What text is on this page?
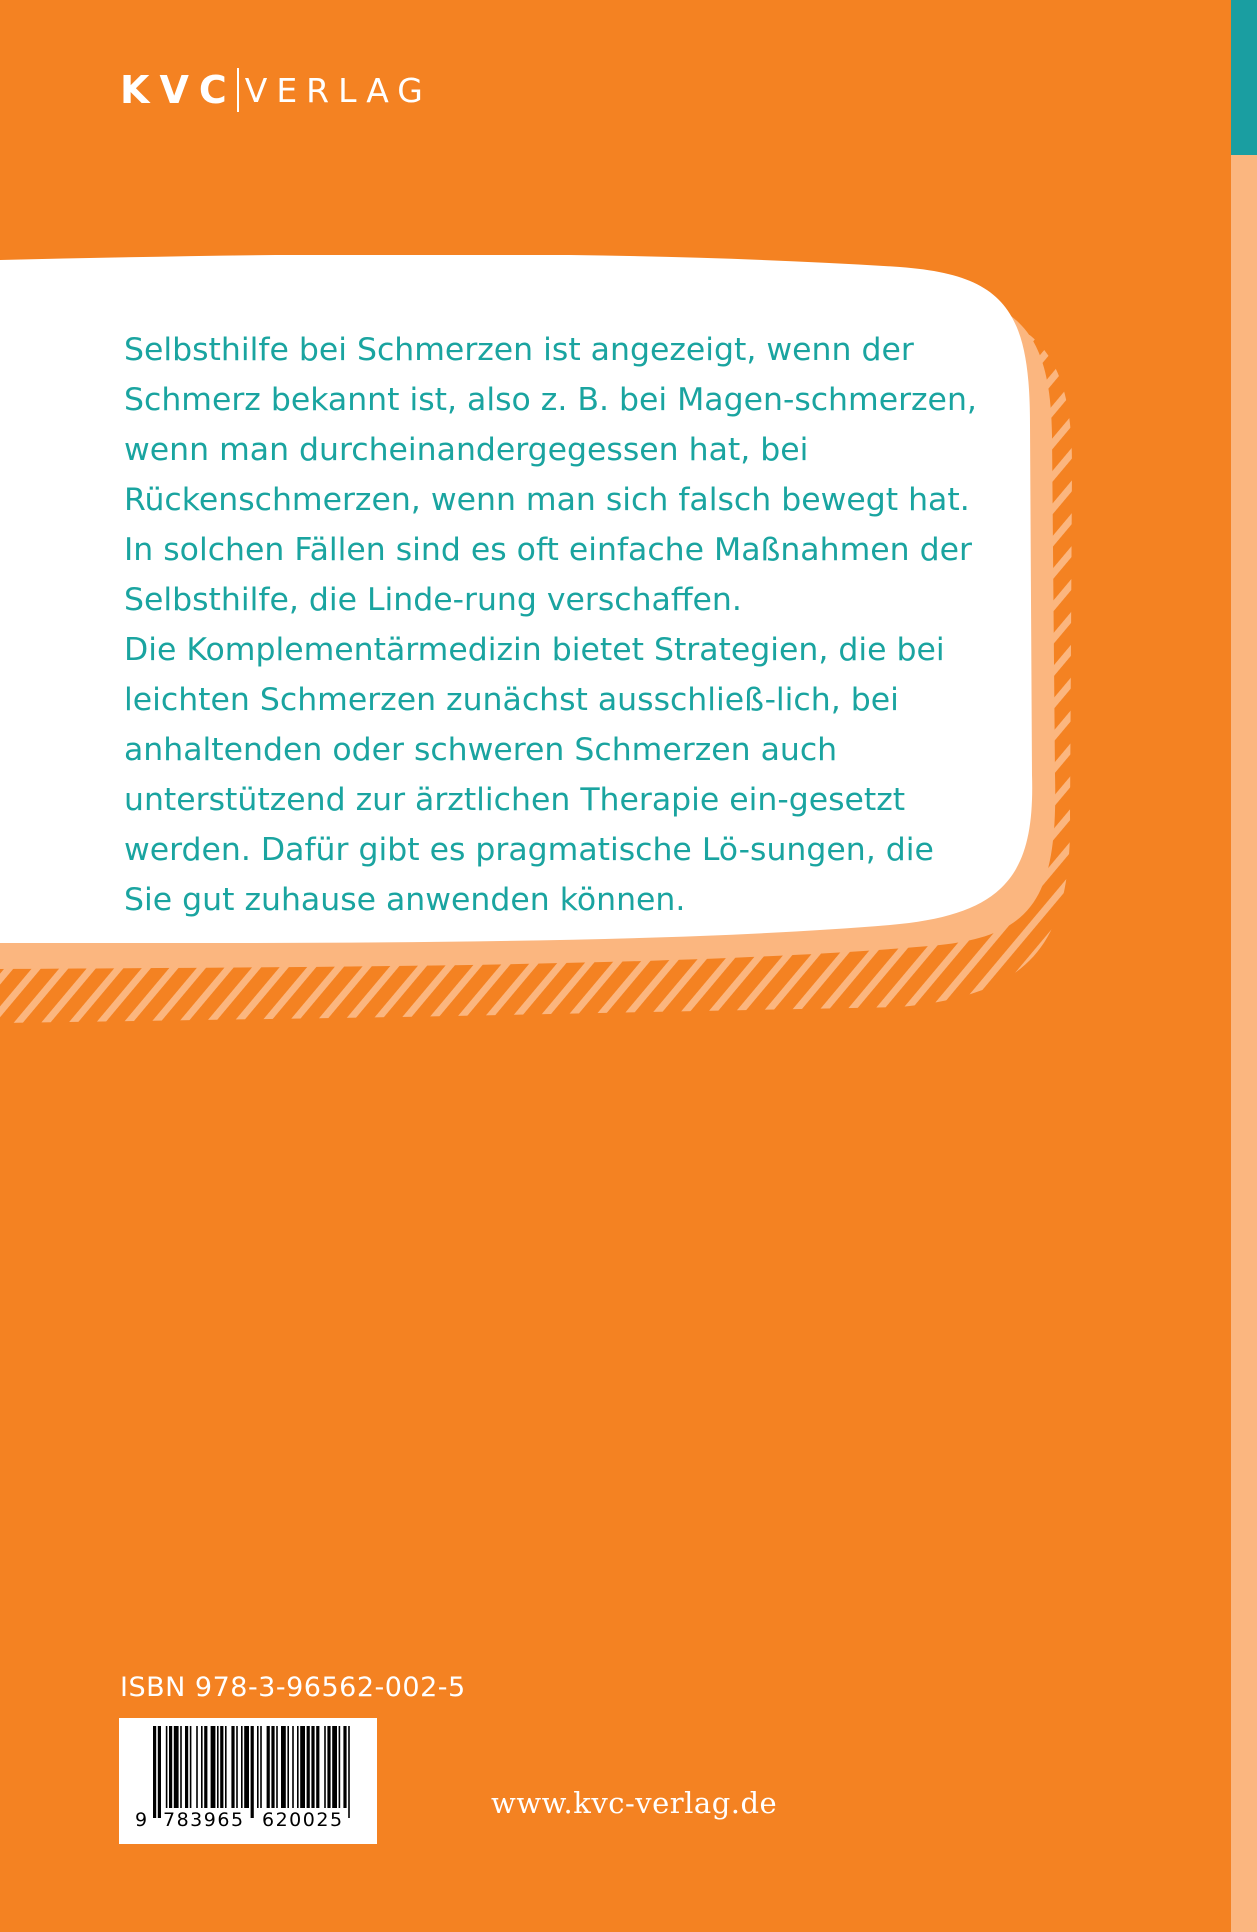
KVC VERLAG

Selbsthilfe bei Schmerzen ist angezeigt, wenn der Schmerz bekannt ist, also z. B. bei Magen-schmerzen, wenn man durcheinandergegessen hat, bei Rückenschmerzen, wenn man sich falsch bewegt hat. In solchen Fällen sind es oft einfache Maßnahmen der Selbsthilfe, die Linde-rung verschaffen.

Die Komplementärmedizin bietet Strategien, die bei leichten Schmerzen zunächst ausschließ-lich, bei anhaltenden oder schweren Schmerzen auch unterstützend zur ärztlichen Therapie ein-gesetzt werden. Dafür gibt es pragmatische Lö-sungen, die Sie gut zuhause anwenden können.

ISBN 978-3-96562-002-5
9 783965 620025	www.kvc-verlag.de
